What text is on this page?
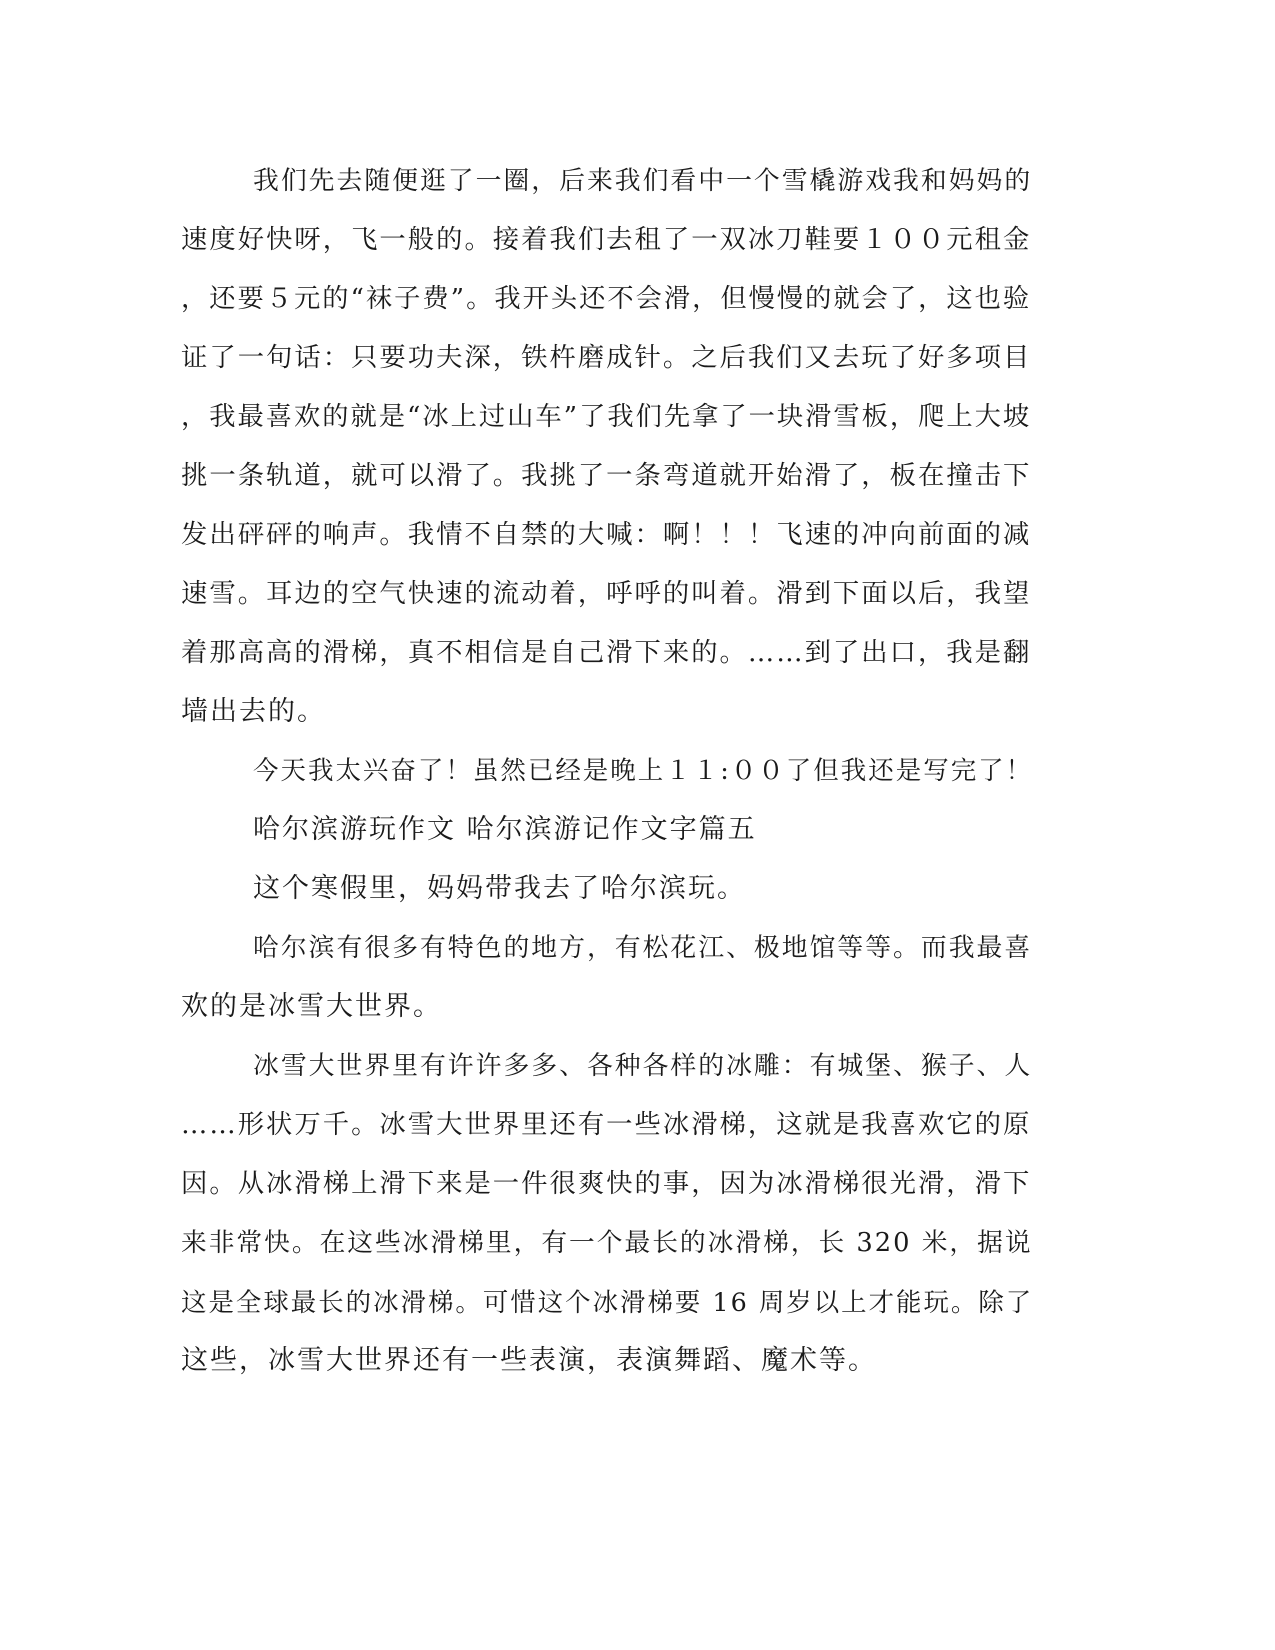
我们先去随便逛了一圈，后来我们看中一个雪橇游戏我和妈妈的
速度好快呀，飞一般的。接着我们去租了一双冰刀鞋要１００元租金
，还要５元的“袜子费”。我开头还不会滑，但慢慢的就会了，这也验
证了一句话：只要功夫深，铁杵磨成针。之后我们又去玩了好多项目
，我最喜欢的就是“冰上过山车”了我们先拿了一块滑雪板，爬上大坡
挑一条轨道，就可以滑了。我挑了一条弯道就开始滑了，板在撞击下
发出砰砰的响声。我情不自禁的大喊：啊！！！飞速的冲向前面的减
速雪。耳边的空气快速的流动着，呼呼的叫着。滑到下面以后，我望
着那高高的滑梯，真不相信是自己滑下来的。……到了出口，我是翻
墙出去的。
今天我太兴奋了！虽然已经是晚上１１:００了但我还是写完了！
哈尔滨游玩作文 哈尔滨游记作文字篇五
这个寒假里，妈妈带我去了哈尔滨玩。
哈尔滨有很多有特色的地方，有松花江、极地馆等等。而我最喜
欢的是冰雪大世界。
冰雪大世界里有许许多多、各种各样的冰雕：有城堡、猴子、人
……形状万千。冰雪大世界里还有一些冰滑梯，这就是我喜欢它的原
因。从冰滑梯上滑下来是一件很爽快的事，因为冰滑梯很光滑，滑下
来非常快。在这些冰滑梯里，有一个最长的冰滑梯，长 320 米，据说
这是全球最长的冰滑梯。可惜这个冰滑梯要 16 周岁以上才能玩。除了
这些，冰雪大世界还有一些表演，表演舞蹈、魔术等。
